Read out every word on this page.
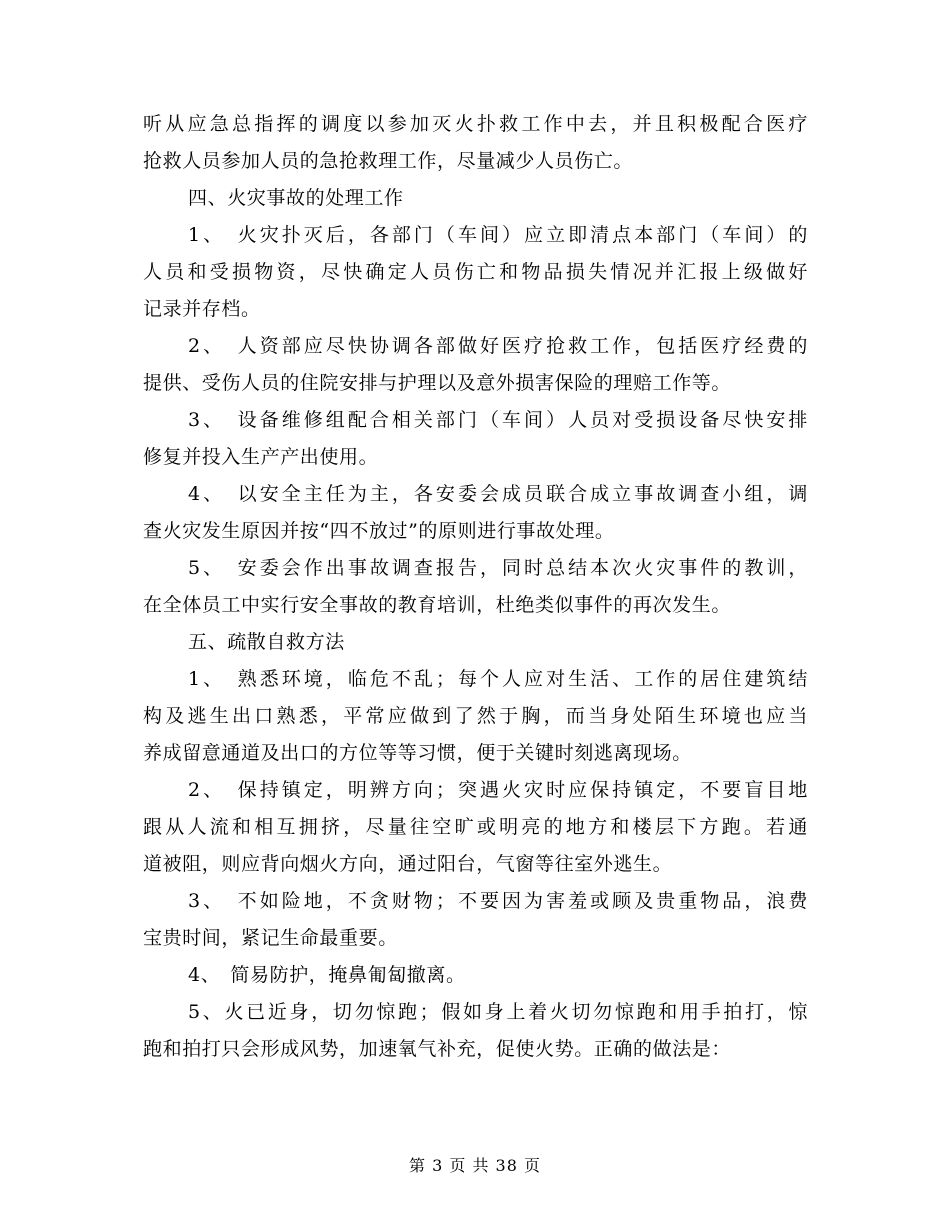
听从应急总指挥的调度以参加灭火扑救工作中去，并且积极配合医疗
抢救人员参加人员的急抢救理工作，尽量减少人员伤亡。
四、火灾事故的处理工作
1、　火灾扑灭后，各部门（车间）应立即清点本部门（车间）的
人员和受损物资，尽快确定人员伤亡和物品损失情况并汇报上级做好
记录并存档。
2、　人资部应尽快协调各部做好医疗抢救工作，包括医疗经费的
提供、受伤人员的住院安排与护理以及意外损害保险的理赔工作等。
3、　设备维修组配合相关部门（车间）人员对受损设备尽快安排
修复并投入生产产出使用。
4、　以安全主任为主，各安委会成员联合成立事故调查小组，调
查火灾发生原因并按“四不放过”的原则进行事故处理。
5、　安委会作出事故调查报告，同时总结本次火灾事件的教训，
在全体员工中实行安全事故的教育培训，杜绝类似事件的再次发生。
五、疏散自救方法
1、　熟悉环境，临危不乱；每个人应对生活、工作的居住建筑结
构及逃生出口熟悉，平常应做到了然于胸，而当身处陌生环境也应当
养成留意通道及出口的方位等等习惯，便于关键时刻逃离现场。
2、　保持镇定，明辨方向；突遇火灾时应保持镇定，不要盲目地
跟从人流和相互拥挤，尽量往空旷或明亮的地方和楼层下方跑。若通
道被阻，则应背向烟火方向，通过阳台，气窗等往室外逃生。
3、　不如险地，不贪财物；不要因为害羞或顾及贵重物品，浪费
宝贵时间，紧记生命最重要。
4、　简易防护，掩鼻匍匐撤离。
5、火已近身，切勿惊跑；假如身上着火切勿惊跑和用手拍打，惊
跑和拍打只会形成风势，加速氧气补充，促使火势。正确的做法是：
第 3 页 共 38 页
